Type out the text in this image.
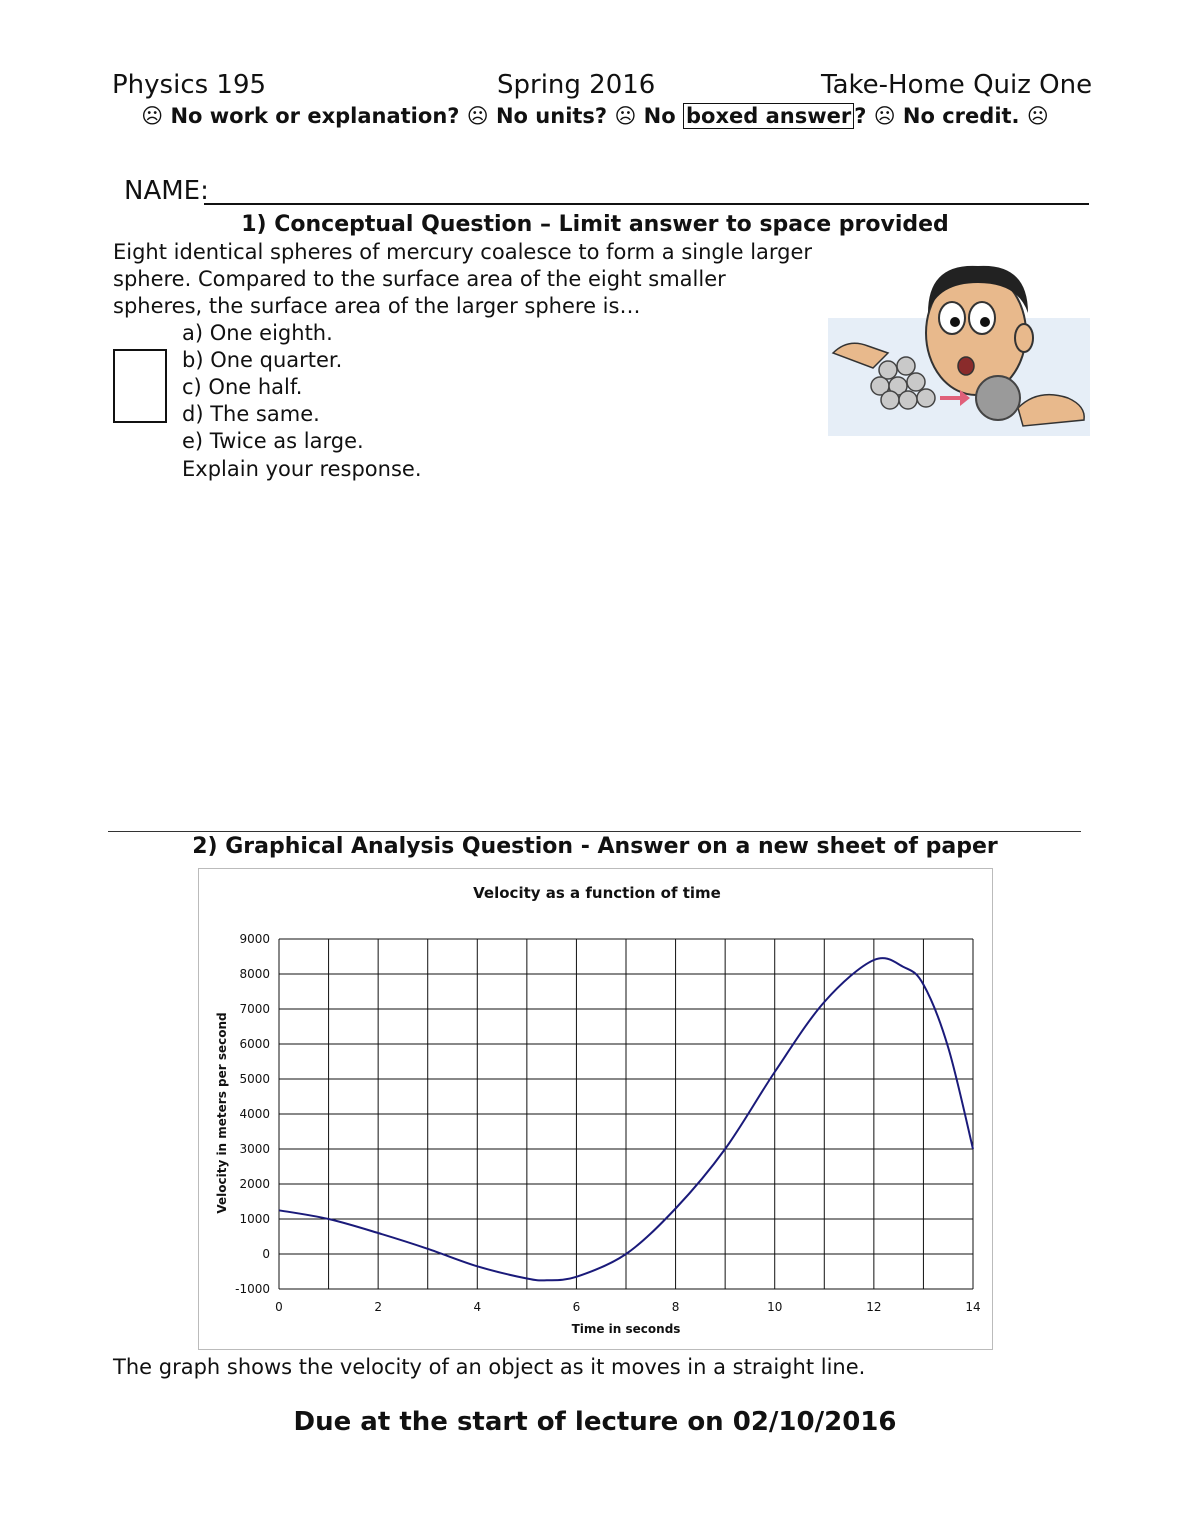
Physics 195	Spring 2016	Take-Home Quiz One
☹ No work or explanation? ☹ No units? ☹ No boxed answer ? ☹ No credit. ☹
NAME:
1) Conceptual Question – Limit answer to space provided
Eight identical spheres of mercury coalesce to form a single larger
sphere. Compared to the surface area of the eight smaller
spheres, the surface area of the larger sphere is…
a) One eighth.
b) One quarter.
c) One half.
d) The same.
e) Twice as large.
Explain your response.
2) Graphical Analysis Question - Answer on a new sheet of paper
Velocity as a function of time
Time in seconds
Velocity in meters per second
0	2	4	6	8	10	12	14
-1000
0
1000
2000
3000
4000
5000
6000
7000
8000
9000
The graph shows the velocity of an object as it moves in a straight line.
Due at the start of lecture on 02/10/2016
